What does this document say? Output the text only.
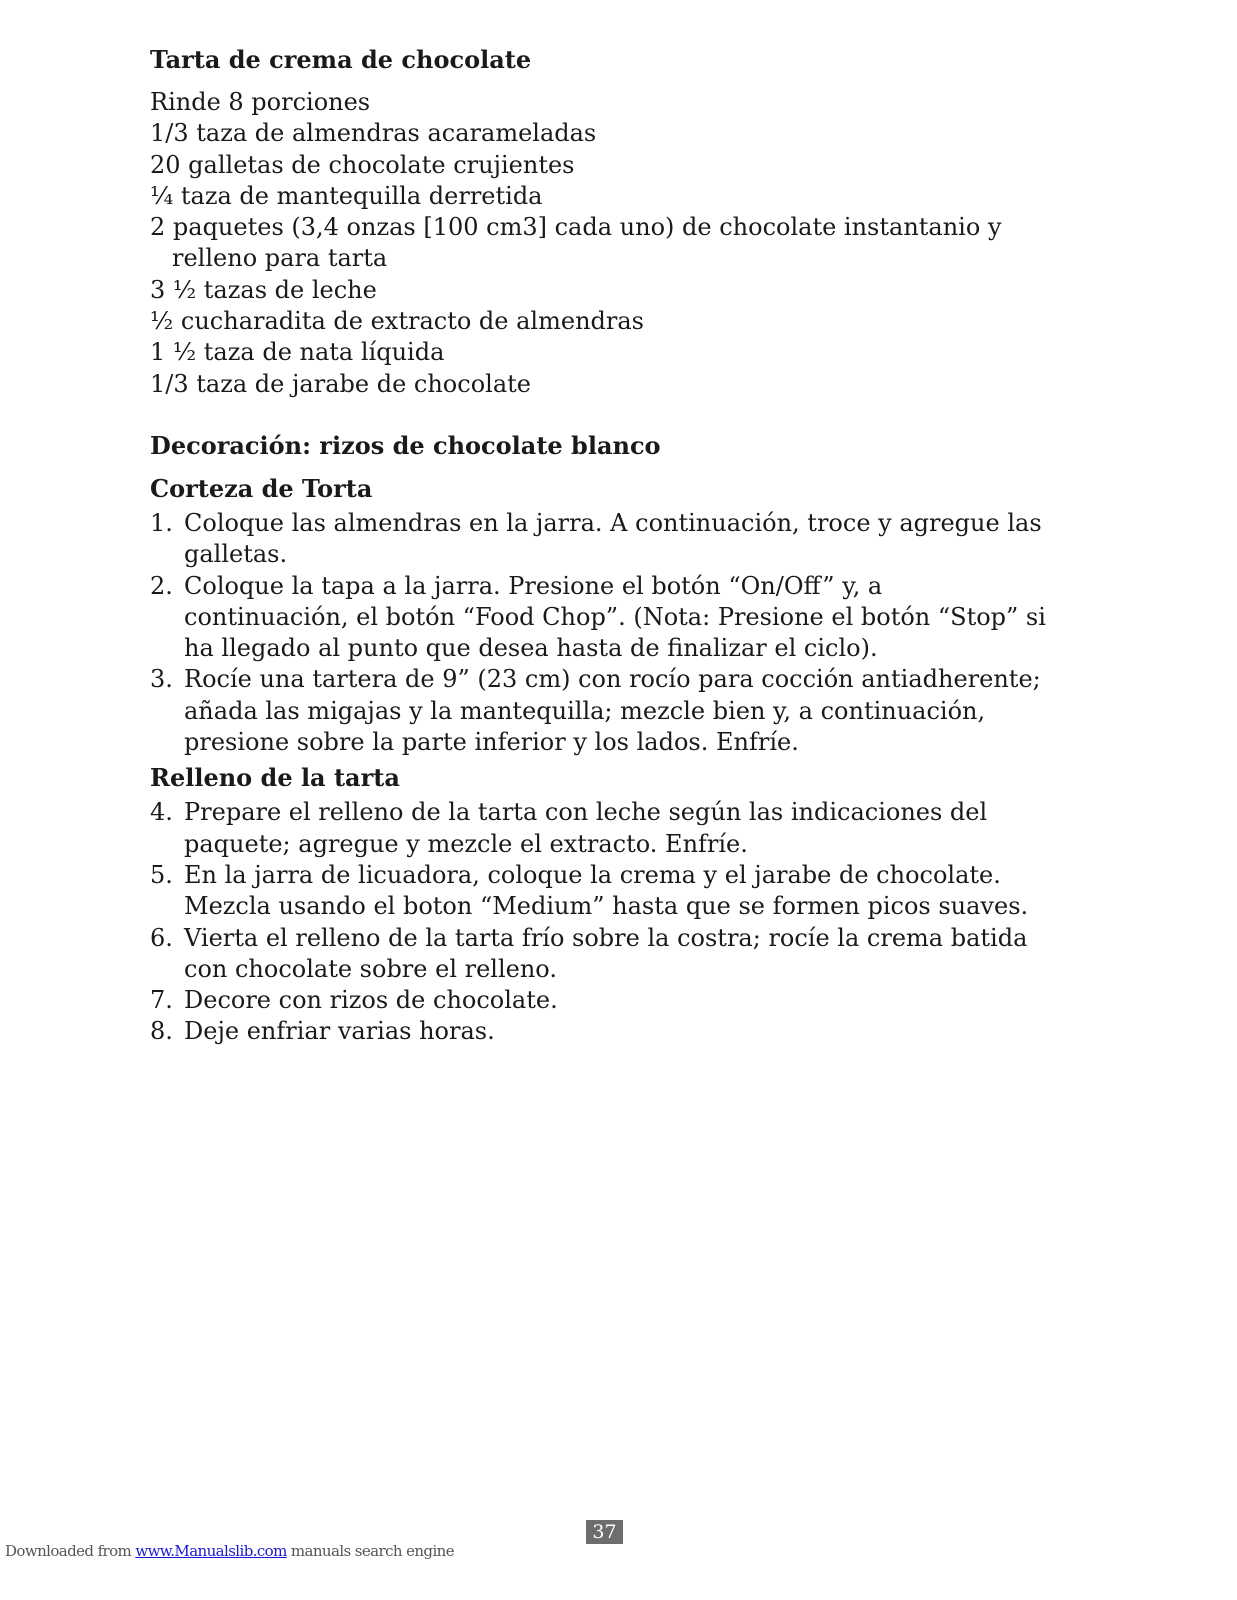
Tarta de crema de chocolate
Rinde 8 porciones
1/3 taza de almendras acarameladas
20 galletas de chocolate crujientes
¼ taza de mantequilla derretida
2 paquetes (3,4 onzas [100 cm3] cada uno) de chocolate instantanio y relleno para tarta
3 ½ tazas de leche
½ cucharadita de extracto de almendras
1 ½ taza de nata líquida
1/3 taza de jarabe de chocolate
Decoración: rizos de chocolate blanco
Corteza de Torta
1. Coloque las almendras en la jarra. A continuación, troce y agregue las galletas.
2. Coloque la tapa a la jarra. Presione el botón “On/Off” y, a continuación, el botón “Food Chop”. (Nota: Presione el botón “Stop” si ha llegado al punto que desea hasta de finalizar el ciclo).
3. Rocíe una tartera de 9” (23 cm) con rocío para cocción antiadherente; añada las migajas y la mantequilla; mezcle bien y, a continuación, presione sobre la parte inferior y los lados. Enfríe.
Relleno de la tarta
4. Prepare el relleno de la tarta con leche según las indicaciones del paquete; agregue y mezcle el extracto. Enfríe.
5. En la jarra de licuadora, coloque la crema y el jarabe de chocolate. Mezcla usando el boton “Medium” hasta que se formen picos suaves.
6. Vierta el relleno de la tarta frío sobre la costra; rocíe la crema batida con chocolate sobre el relleno.
7. Decore con rizos de chocolate.
8. Deje enfriar varias horas.
37
Downloaded from www.Manualslib.com manuals search engine
